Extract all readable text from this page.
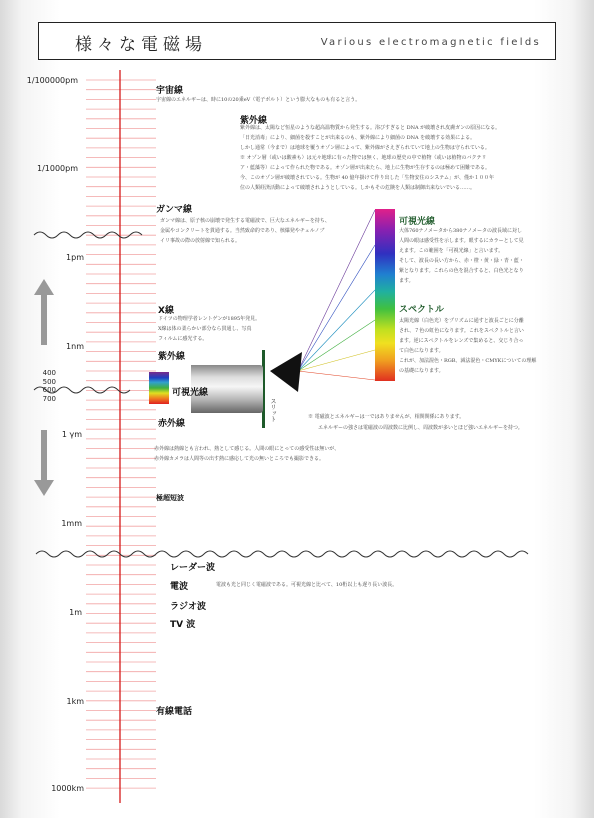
様々な電磁場	Various electromagnetic fields
1/100000pm
1/1000pm
1pm
1nm
1 γm
1mm
1m
1km
1000km
400
500
600
700
宇宙線
宇宙線のエネルギーは、時に10の20乗eV（電子ボルト）という膨大なものも有ると言う。
紫外線
紫外線は、太陽など恒星のような超高温物質から発生する。浴びすぎると DNA が破壊され皮膚ガンの原因になる。
「日光消毒」により、細菌を殺すことが出来るのも、紫外線により細菌の DNA を破壊する効果による。
しかし通常（今まで）は地球を覆うオゾン層によって、紫外線がさえぎられていて地上の生物は守られている。
※ オゾン層（或いは酸素も）は元々地球に有った物では無く、地球の歴史の中で植物（或いは植物のバクテリ
ア・藍藻等）によって作られた物である。オゾン層が出来たら、地上に生物が生存するのは極めて困難である。
今、このオゾン層が破壊されている。生物が 40 億年掛けて作り出した「生物安住のシステム」が、僅か１００年
位の人類経済活動によって破壊されようとしている。しかもその危険を人類は制御出来ないでいる……。
ガンマ線
ガンマ線は、原子核の崩壊で発生する電磁波で、巨大なエネルギーを持ち、
金属やコンクリートを貫通する。当然致命的であり、核爆発やチェルノブ
イリ事故の際の放射線で知られる。
X線
ドイツの物理学者レントゲンが1895年発見。
X線は体の柔らかい部分なら貫通し、写真
フィルムに感光する。
紫外線
可視光線
赤外線
赤外線は熱線とも言われ、熱として感じる。人間の眼にとっての感受性は無いが、
赤外線カメラは人間等の出す熱に感応して光の無いところでも撮影できる。
極超短波
スリット
可視光線
大体760ナノメータから380ナノメータの波長域に対し
人間の眼は感受性を示します。眼するにカラーとして見
えます。この範囲を「可視光線」と言います。
そして、波長の長い方から、赤・橙・黄・緑・青・藍・
紫となります。これらの色を混合すると、白色光となり
ます。
スペクトル
太陽光線（白色光）をプリズムに通すと波長ごとに分離
され、７色の虹色になります。これをスペクトルと言い
ます。逆にスペクトルをレンズで集めると、交じり合っ
て白色になります。
これが、加法混色・RGB、減法混色・CMYKについての理解
の基礎になります。
※ 電磁波とエネルギーは一ではありませんが、相関関係にあります。
エネルギーの強さは電磁波の周波数に比例し、周波数が多いとほど強いエネルギーを持つ。
レーダー波
電波	電波も光と同じく電磁波である。可視光線と比べて、10桁以上も遅り長い波長。
ラジオ波
TV 波
有線電話
